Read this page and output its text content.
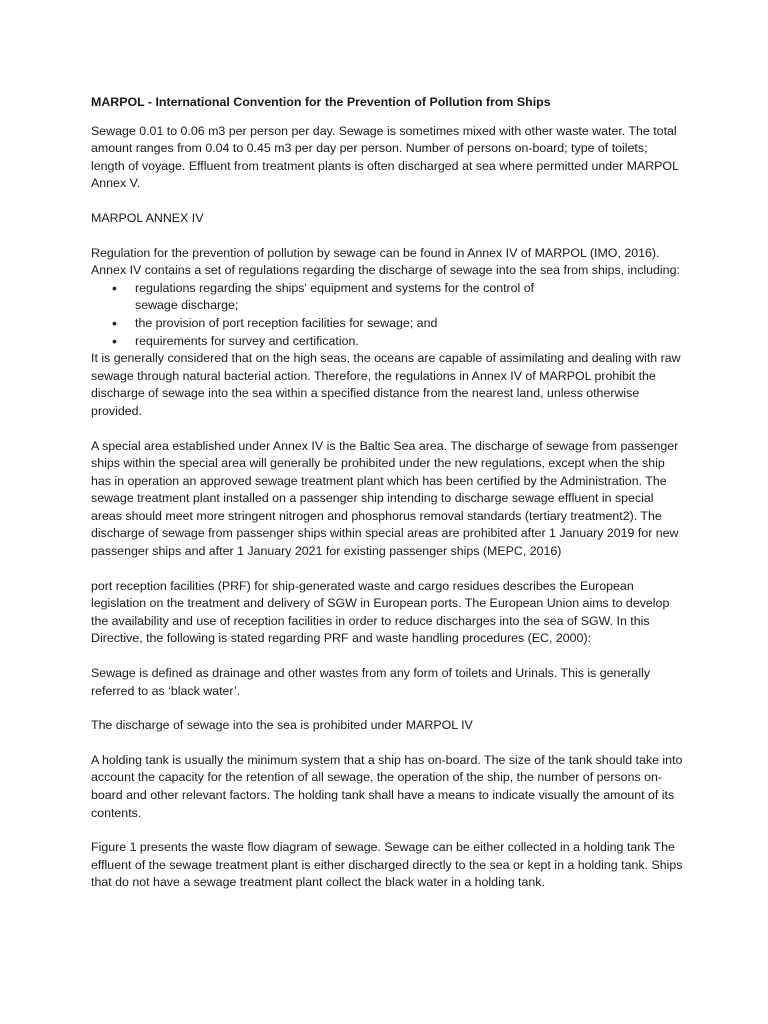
MARPOL - International Convention for the Prevention of Pollution from Ships

Sewage 0.01 to 0.06 m3 per person per day. Sewage is sometimes mixed with other waste water. The total amount ranges from 0.04 to 0.45 m3 per day per person. Number of persons on-board; type of toilets; length of voyage. Effluent from treatment plants is often discharged at sea where permitted under MARPOL Annex V.

MARPOL ANNEX IV

Regulation for the prevention of pollution by sewage can be found in Annex IV of MARPOL (IMO, 2016). Annex IV contains a set of regulations regarding the discharge of sewage into the sea from ships, including:

• regulations regarding the ships' equipment and systems for the control of sewage discharge;
• the provision of port reception facilities for sewage; and
• requirements for survey and certification.

It is generally considered that on the high seas, the oceans are capable of assimilating and dealing with raw sewage through natural bacterial action. Therefore, the regulations in Annex IV of MARPOL prohibit the discharge of sewage into the sea within a specified distance from the nearest land, unless otherwise provided.

A special area established under Annex IV is the Baltic Sea area. The discharge of sewage from passenger ships within the special area will generally be prohibited under the new regulations, except when the ship has in operation an approved sewage treatment plant which has been certified by the Administration. The sewage treatment plant installed on a passenger ship intending to discharge sewage effluent in special areas should meet more stringent nitrogen and phosphorus removal standards (tertiary treatment2). The discharge of sewage from passenger ships within special areas are prohibited after 1 January 2019 for new passenger ships and after 1 January 2021 for existing passenger ships (MEPC, 2016)

port reception facilities (PRF) for ship-generated waste and cargo residues describes the European legislation on the treatment and delivery of SGW in European ports. The European Union aims to develop the availability and use of reception facilities in order to reduce discharges into the sea of SGW. In this Directive, the following is stated regarding PRF and waste handling procedures (EC, 2000):

Sewage is defined as drainage and other wastes from any form of toilets and Urinals. This is generally referred to as ‘black water’.

The discharge of sewage into the sea is prohibited under MARPOL IV

A holding tank is usually the minimum system that a ship has on-board. The size of the tank should take into account the capacity for the retention of all sewage, the operation of the ship, the number of persons on-board and other relevant factors. The holding tank shall have a means to indicate visually the amount of its contents.

Figure 1 presents the waste flow diagram of sewage. Sewage can be either collected in a holding tank The effluent of the sewage treatment plant is either discharged directly to the sea or kept in a holding tank. Ships that do not have a sewage treatment plant collect the black water in a holding tank.
